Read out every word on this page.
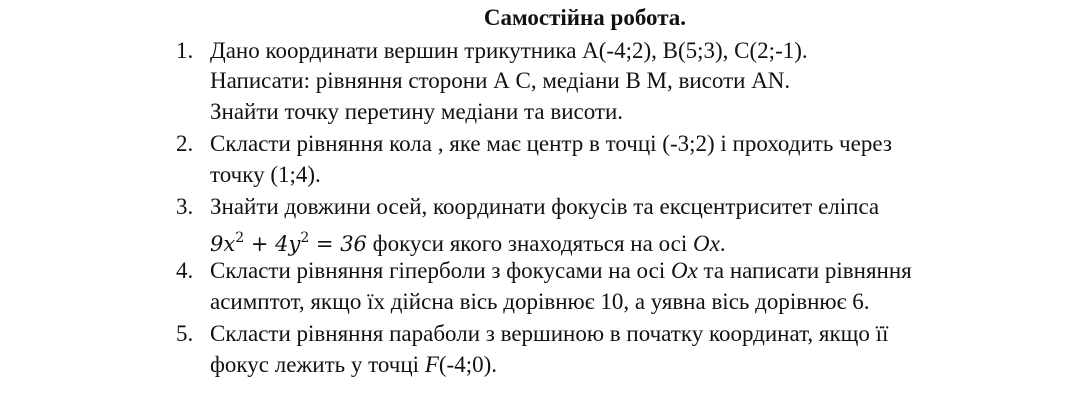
Самостійна робота.
1. Дано координати вершин трикутника А(-4;2), В(5;3), С(2;-1).
Написати: рівняння сторони А С, медіани В М, висоти AN.
Знайти точку перетину медіани та висоти.
2. Скласти рівняння кола , яке має центр в точці (-3;2) і проходить через
точку (1;4).
3. Знайти довжини осей, координати фокусів та ексцентриситет еліпса
$9x^2 + 4y^2 = 36$ фокуси якого знаходяться на осі Ox.
4. Скласти рівняння гіперболи з фокусами на осі Ox та написати рівняння
асимптот, якщо їх дійсна вісь дорівнює 10, а уявна вісь дорівнює 6.
5. Скласти рівняння параболи з вершиною в початку координат, якщо її
фокус лежить у точці F(-4;0).
